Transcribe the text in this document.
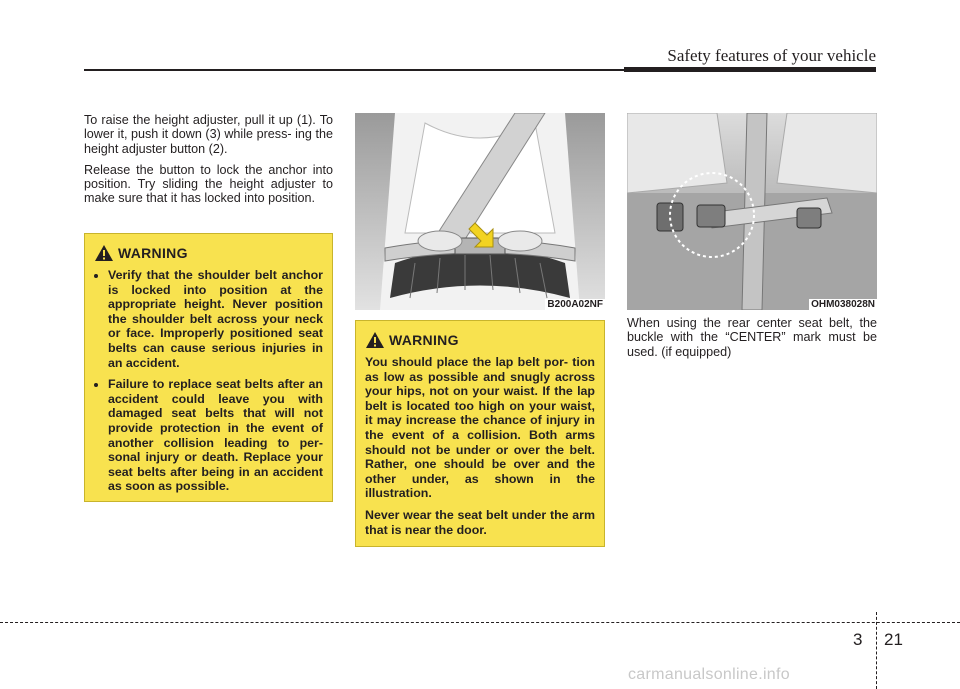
Safety features of your vehicle

To raise the height adjuster, pull it up (1). To lower it, push it down (3) while press- ing the height adjuster button (2).

Release the button to lock the anchor into position. Try sliding the height adjuster to make sure that it has locked into position.

WARNING
• Verify that the shoulder belt anchor is locked into position at the appropriate height. Never position the shoulder belt across your neck or face. Improperly positioned seat belts can cause serious injuries in an accident.
• Failure to replace seat belts after an accident could leave you with damaged seat belts that will not provide protection in the event of another collision leading to per- sonal injury or death. Replace your seat belts after being in an accident as soon as possible.
B200A02NF
WARNING

You should place the lap belt por- tion as low as possible and snugly across your hips, not on your waist. If the lap belt is located too high on your waist, it may increase the chance of injury in the event of a collision. Both arms should not be under or over the belt. Rather, one should be over and the other under, as shown in the illustration.

Never wear the seat belt under the arm that is near the door.

OHM038028N

When using the rear center seat belt, the buckle with the “CENTER” mark must be used. (if equipped)

3 21
carmanualsonline.info
